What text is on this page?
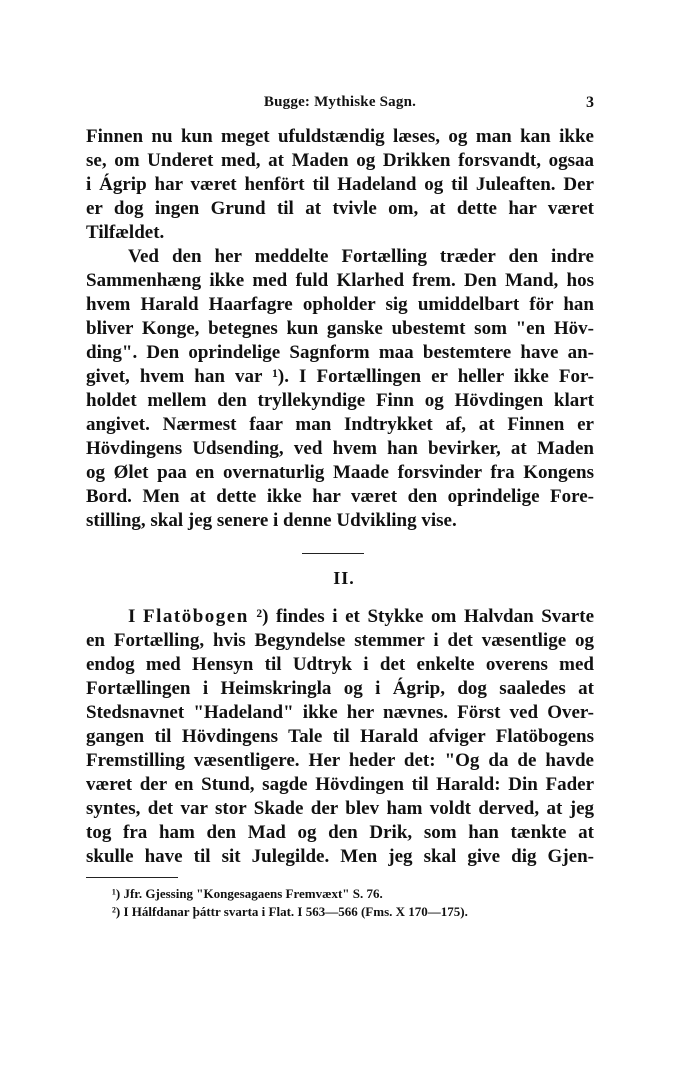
Bugge: Mythiske Sagn.	3
Finnen nu kun meget ufuldstændig læses, og man kan ikke
se, om Underet med, at Maden og Drikken forsvandt, ogsaa
i Ágrip har været henfört til Hadeland og til Juleaften. Der
er dog ingen Grund til at tvivle om, at dette har været
Tilfældet.
Ved den her meddelte Fortælling træder den indre
Sammenhæng ikke med fuld Klarhed frem. Den Mand, hos
hvem Harald Haarfagre opholder sig umiddelbart för han
bliver Konge, betegnes kun ganske ubestemt som "en Höv-
ding". Den oprindelige Sagnform maa bestemtere have an-
givet, hvem han var ¹). I Fortællingen er heller ikke For-
holdet mellem den tryllekyndige Finn og Hövdingen klart
angivet. Nærmest faar man Indtrykket af, at Finnen er
Hövdingens Udsending, ved hvem han bevirker, at Maden
og Ølet paa en overnaturlig Maade forsvinder fra Kongens
Bord. Men at dette ikke har været den oprindelige Fore-
stilling, skal jeg senere i denne Udvikling vise.
II.
I Flatöbogen ²) findes i et Stykke om Halvdan Svarte
en Fortælling, hvis Begyndelse stemmer i det væsentlige og
endog med Hensyn til Udtryk i det enkelte overens med
Fortællingen i Heimskringla og i Ágrip, dog saaledes at
Stedsnavnet "Hadeland" ikke her nævnes. Först ved Over-
gangen til Hövdingens Tale til Harald afviger Flatöbogens
Fremstilling væsentligere. Her heder det: "Og da de havde
været der en Stund, sagde Hövdingen til Harald: Din Fader
syntes, det var stor Skade der blev ham voldt derved, at jeg
tog fra ham den Mad og den Drik, som han tænkte at
skulle have til sit Julegilde. Men jeg skal give dig Gjen-
¹) Jfr. Gjessing "Kongesagaens Fremvæxt" S. 76.
²) I Hálfdanar þáttr svarta i Flat. I 563—566 (Fms. X 170—175).
